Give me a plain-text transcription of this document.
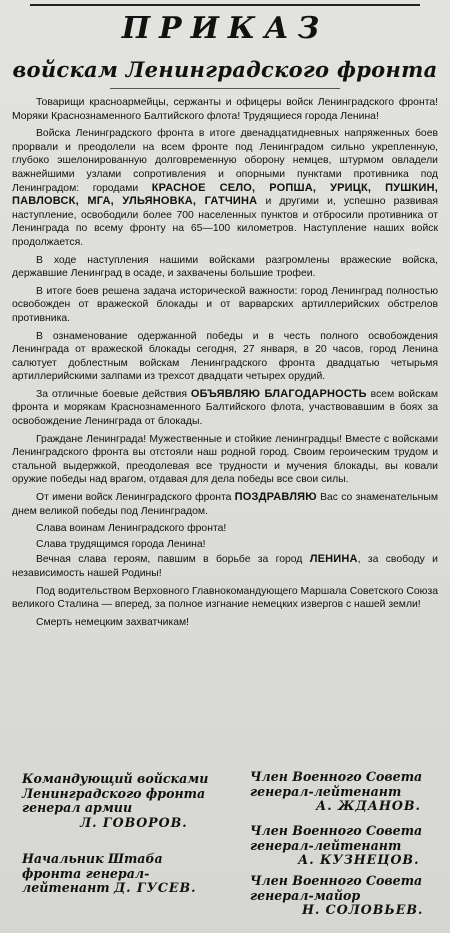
ПРИКАЗ
войскам Ленинградского фронта

Товарищи красноармейцы, сержанты и офицеры войск Ленинградского фронта! Моряки Краснознаменного Балтийского флота! Трудящиеся города Ленина!

Войска Ленинградского фронта в итоге двенадцатидневных напряженных боев прорвали и преодолели на всем фронте под Ленинградом сильно укрепленную, глубоко эшелонированную долговременную оборону немцев, штурмом овладели важнейшими узлами сопротивления и опорными пунктами противника под Ленинградом: городами КРАСНОЕ СЕЛО, РОПША, УРИЦК, ПУШКИН, ПАВЛОВСК, МГА, УЛЬЯНОВКА, ГАТЧИНА и другими и, успешно развивая наступление, освободили более 700 населенных пунктов и отбросили противника от Ленинграда по всему фронту на 65—100 километров. Наступление наших войск продолжается.

В ходе наступления нашими войсками разгромлены вражеские войска, державшие Ленинград в осаде, и захвачены большие трофеи.

В итоге боев решена задача исторической важности: город Ленинград полностью освобожден от вражеской блокады и от варварских артиллерийских обстрелов противника.

В ознаменование одержанной победы и в честь полного освобождения Ленинграда от вражеской блокады сегодня, 27 января, в 20 часов, город Ленина салютует доблестным войскам Ленинградского фронта двадцатью четырьмя артиллерийскими залпами из трехсот двадцати четырех орудий.

За отличные боевые действия ОБЪЯВЛЯЮ БЛАГОДАРНОСТЬ всем войскам фронта и морякам Краснознаменного Балтийского флота, участвовавшим в боях за освобождение Ленинграда от блокады.

Граждане Ленинграда! Мужественные и стойкие ленинградцы! Вместе с войсками Ленинградского фронта вы отстояли наш родной город. Своим героическим трудом и стальной выдержкой, преодолевая все трудности и мучения блокады, вы ковали оружие победы над врагом, отдавая для дела победы все свои силы.

От имени войск Ленинградского фронта ПОЗДРАВЛЯЮ Вас со знаменательным днем великой победы под Ленинградом.

Слава воинам Ленинградского фронта!

Слава трудящимся города Ленина!

Вечная слава героям, павшим в борьбе за город ЛЕНИНА, за свободу и независимость нашей Родины!

Под водительством Верховного Главнокомандующего Маршала Советского Союза великого Сталина — вперед, за полное изгнание немецких извергов с нашей земли!

Смерть немецким захватчикам!

Командующий войсками
Ленинградского фронта
генерал армии
Л. ГОВОРОВ.
Начальник Штаба
фронта генерал-
лейтенант Д. ГУСЕВ.
Член Военного Совета
генерал-лейтенант
А. ЖДАНОВ.
Член Военного Совета
генерал-лейтенант
А. КУЗНЕЦОВ.
Член Военного Совета
генерал-майор
Н. СОЛОВЬЕВ.
